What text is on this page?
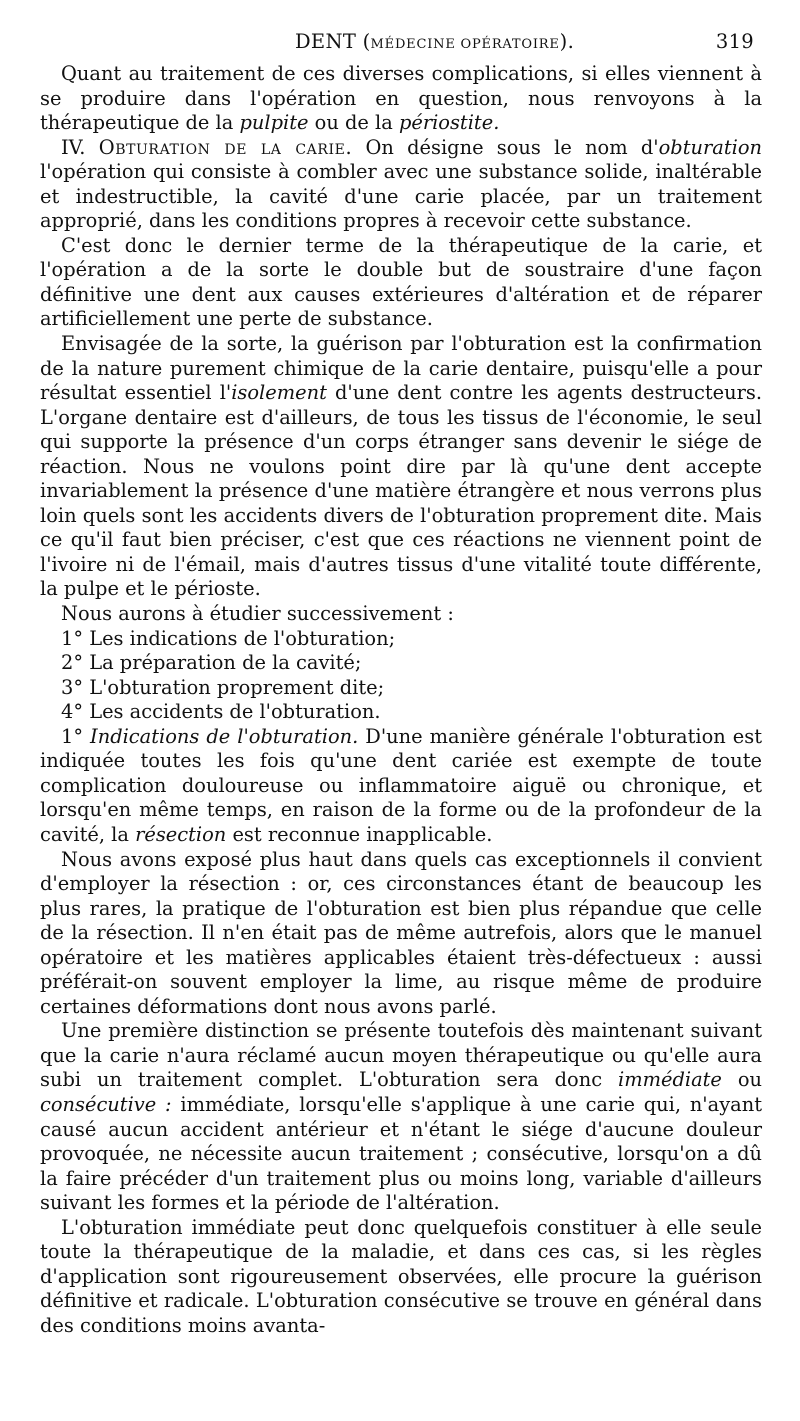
DENT (MÉDECINE OPÉRATOIRE).	319

Quant au traitement de ces diverses complications, si elles viennent à se produire dans l'opération en question, nous renvoyons à la thérapeutique de la pulpite ou de la périostite.

IV. Obturation de la carie. On désigne sous le nom d'obturation l'opération qui consiste à combler avec une substance solide, inaltérable et indestructible, la cavité d'une carie placée, par un traitement approprié, dans les conditions propres à recevoir cette substance.

C'est donc le dernier terme de la thérapeutique de la carie, et l'opération a de la sorte le double but de soustraire d'une façon définitive une dent aux causes extérieures d'altération et de réparer artificiellement une perte de substance.

Envisagée de la sorte, la guérison par l'obturation est la confirmation de la nature purement chimique de la carie dentaire, puisqu'elle a pour résultat essentiel l'isolement d'une dent contre les agents destructeurs. L'organe dentaire est d'ailleurs, de tous les tissus de l'économie, le seul qui supporte la présence d'un corps étranger sans devenir le siége de réaction. Nous ne voulons point dire par là qu'une dent accepte invariablement la présence d'une matière étrangère et nous verrons plus loin quels sont les accidents divers de l'obturation proprement dite. Mais ce qu'il faut bien préciser, c'est que ces réactions ne viennent point de l'ivoire ni de l'émail, mais d'autres tissus d'une vitalité toute différente, la pulpe et le périoste.

Nous aurons à étudier successivement :

1° Les indications de l'obturation;

2° La préparation de la cavité;

3° L'obturation proprement dite;

4° Les accidents de l'obturation.

1° Indications de l'obturation. D'une manière générale l'obturation est indiquée toutes les fois qu'une dent cariée est exempte de toute complication douloureuse ou inflammatoire aiguë ou chronique, et lorsqu'en même temps, en raison de la forme ou de la profondeur de la cavité, la résection est reconnue inapplicable.

Nous avons exposé plus haut dans quels cas exceptionnels il convient d'employer la résection : or, ces circonstances étant de beaucoup les plus rares, la pratique de l'obturation est bien plus répandue que celle de la résection. Il n'en était pas de même autrefois, alors que le manuel opératoire et les matières applicables étaient très-défectueux : aussi préférait-on souvent employer la lime, au risque même de produire certaines déformations dont nous avons parlé.

Une première distinction se présente toutefois dès maintenant suivant que la carie n'aura réclamé aucun moyen thérapeutique ou qu'elle aura subi un traitement complet. L'obturation sera donc immédiate ou consécutive : immédiate, lorsqu'elle s'applique à une carie qui, n'ayant causé aucun accident antérieur et n'étant le siége d'aucune douleur provoquée, ne nécessite aucun traitement ; consécutive, lorsqu'on a dû la faire précéder d'un traitement plus ou moins long, variable d'ailleurs suivant les formes et la période de l'altération.

L'obturation immédiate peut donc quelquefois constituer à elle seule toute la thérapeutique de la maladie, et dans ces cas, si les règles d'application sont rigoureusement observées, elle procure la guérison définitive et radicale. L'obturation consécutive se trouve en général dans des conditions moins avanta-
